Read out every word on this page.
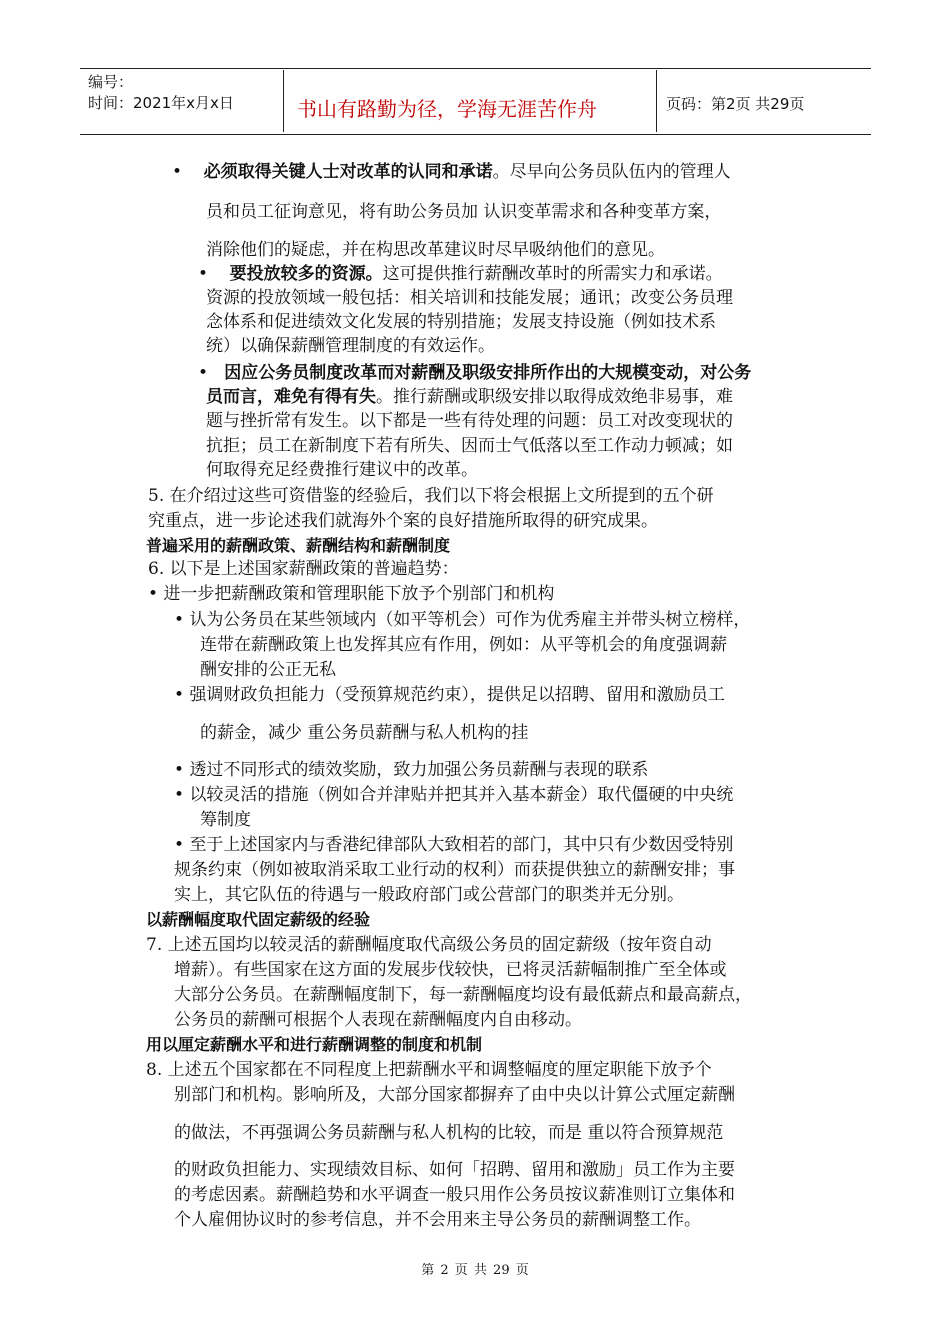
编号：
时间：2021年x月x日	书山有路勤为径，学海无涯苦作舟	页码：第2页 共29页
• 必须取得关键人士对改革的认同和承诺。尽早向公务员队伍内的管理人
员和员工征询意见，将有助公务员加 认识变革需求和各种变革方案，
消除他们的疑虑，并在构思改革建议时尽早吸纳他们的意见。
• 要投放较多的资源。这可提供推行薪酬改革时的所需实力和承诺。
资源的投放领域一般包括：相关培训和技能发展；通讯；改变公务员理
念体系和促进绩效文化发展的特别措施；发展支持设施（例如技术系
统）以确保薪酬管理制度的有效运作。
• 因应公务员制度改革而对薪酬及职级安排所作出的大规模变动，对公务
员而言，难免有得有失。推行薪酬或职级安排以取得成效绝非易事，难
题与挫折常有发生。以下都是一些有待处理的问题：员工对改变现状的
抗拒；员工在新制度下若有所失、因而士气低落以至工作动力顿减；如
何取得充足经费推行建议中的改革。
5. 在介绍过这些可资借鉴的经验后，我们以下将会根据上文所提到的五个研
究重点，进一步论述我们就海外个案的良好措施所取得的研究成果。
普遍采用的薪酬政策、薪酬结构和薪酬制度
6. 以下是上述国家薪酬政策的普遍趋势：
• 进一步把薪酬政策和管理职能下放予个别部门和机构
• 认为公务员在某些领域内（如平等机会）可作为优秀雇主并带头树立榜样，
连带在薪酬政策上也发挥其应有作用，例如：从平等机会的角度强调薪
酬安排的公正无私
• 强调财政负担能力（受预算规范约束），提供足以招聘、留用和激励员工
的薪金，减少 重公务员薪酬与私人机构的挂
• 透过不同形式的绩效奖励，致力加强公务员薪酬与表现的联系
• 以较灵活的措施（例如合并津贴并把其并入基本薪金）取代僵硬的中央统
筹制度
• 至于上述国家内与香港纪律部队大致相若的部门，其中只有少数因受特别
规条约束（例如被取消采取工业行动的权利）而获提供独立的薪酬安排；事
实上，其它队伍的待遇与一般政府部门或公营部门的职类并无分别。
以薪酬幅度取代固定薪级的经验
7. 上述五国均以较灵活的薪酬幅度取代高级公务员的固定薪级（按年资自动
增薪）。有些国家在这方面的发展步伐较快，已将灵活薪幅制推广至全体或
大部分公务员。在薪酬幅度制下，每一薪酬幅度均设有最低薪点和最高薪点，
公务员的薪酬可根据个人表现在薪酬幅度内自由移动。
用以厘定薪酬水平和进行薪酬调整的制度和机制
8. 上述五个国家都在不同程度上把薪酬水平和调整幅度的厘定职能下放予个
别部门和机构。影响所及，大部分国家都摒弃了由中央以计算公式厘定薪酬
的做法，不再强调公务员薪酬与私人机构的比较，而是 重以符合预算规范
的财政负担能力、实现绩效目标、如何「招聘、留用和激励」员工作为主要
的考虑因素。薪酬趋势和水平调查一般只用作公务员按议薪准则订立集体和
个人雇佣协议时的参考信息，并不会用来主导公务员的薪酬调整工作。
第 2 页 共 29 页
